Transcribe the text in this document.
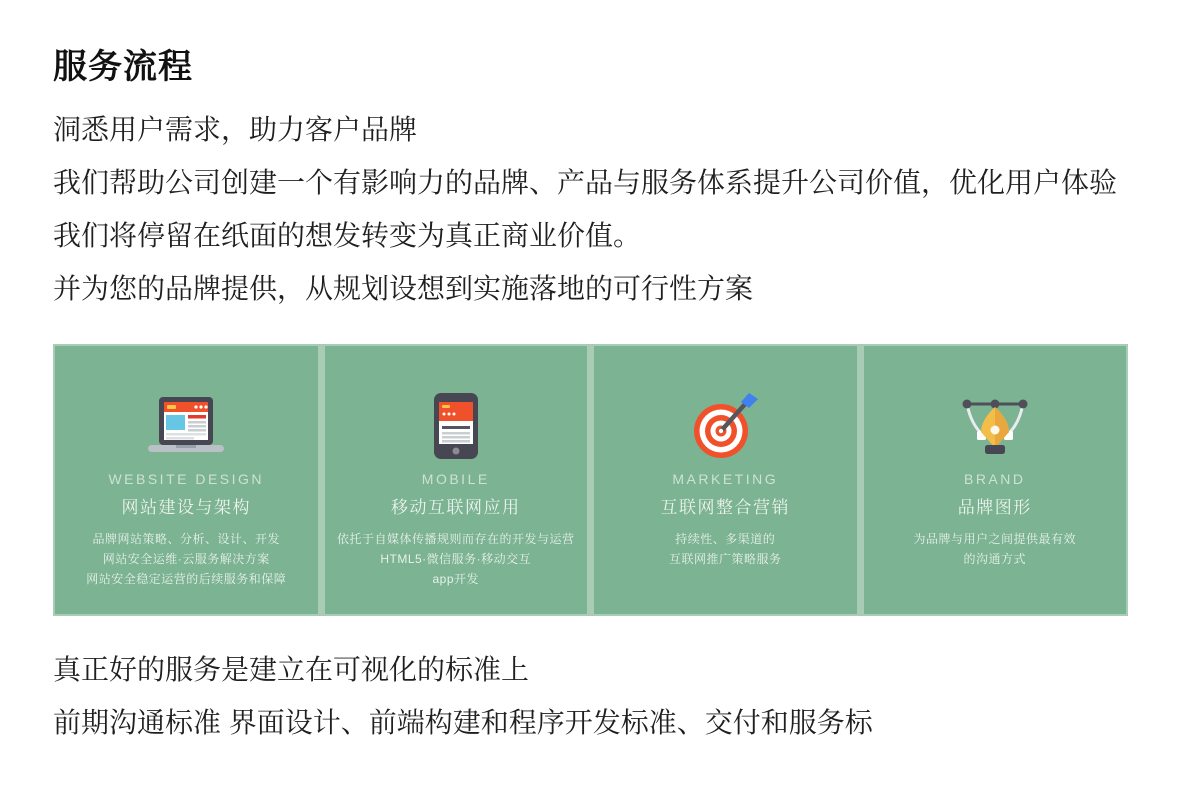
服务流程

洞悉用户需求，助力客户品牌

我们帮助公司创建一个有影响力的品牌、产品与服务体系提升公司价值，优化用户体验

我们将停留在纸面的想发转变为真正商业价值。

并为您的品牌提供，从规划设想到实施落地的可行性方案

WEBSITE DESIGN
网站建设与架构
品牌网站策略、分析、设计、开发
网站安全运维·云服务解决方案
网站安全稳定运营的后续服务和保障
MOBILE
移动互联网应用
依托于自媒体传播规则而存在的开发与运营
HTML5·微信服务·移动交互
app开发
MARKETING
互联网整合营销
持续性、多渠道的
互联网推广策略服务
BRAND
品牌图形
为品牌与用户之间提供最有效
的沟通方式

真正好的服务是建立在可视化的标准上

前期沟通标准 界面设计、前端构建和程序开发标准、交付和服务标
